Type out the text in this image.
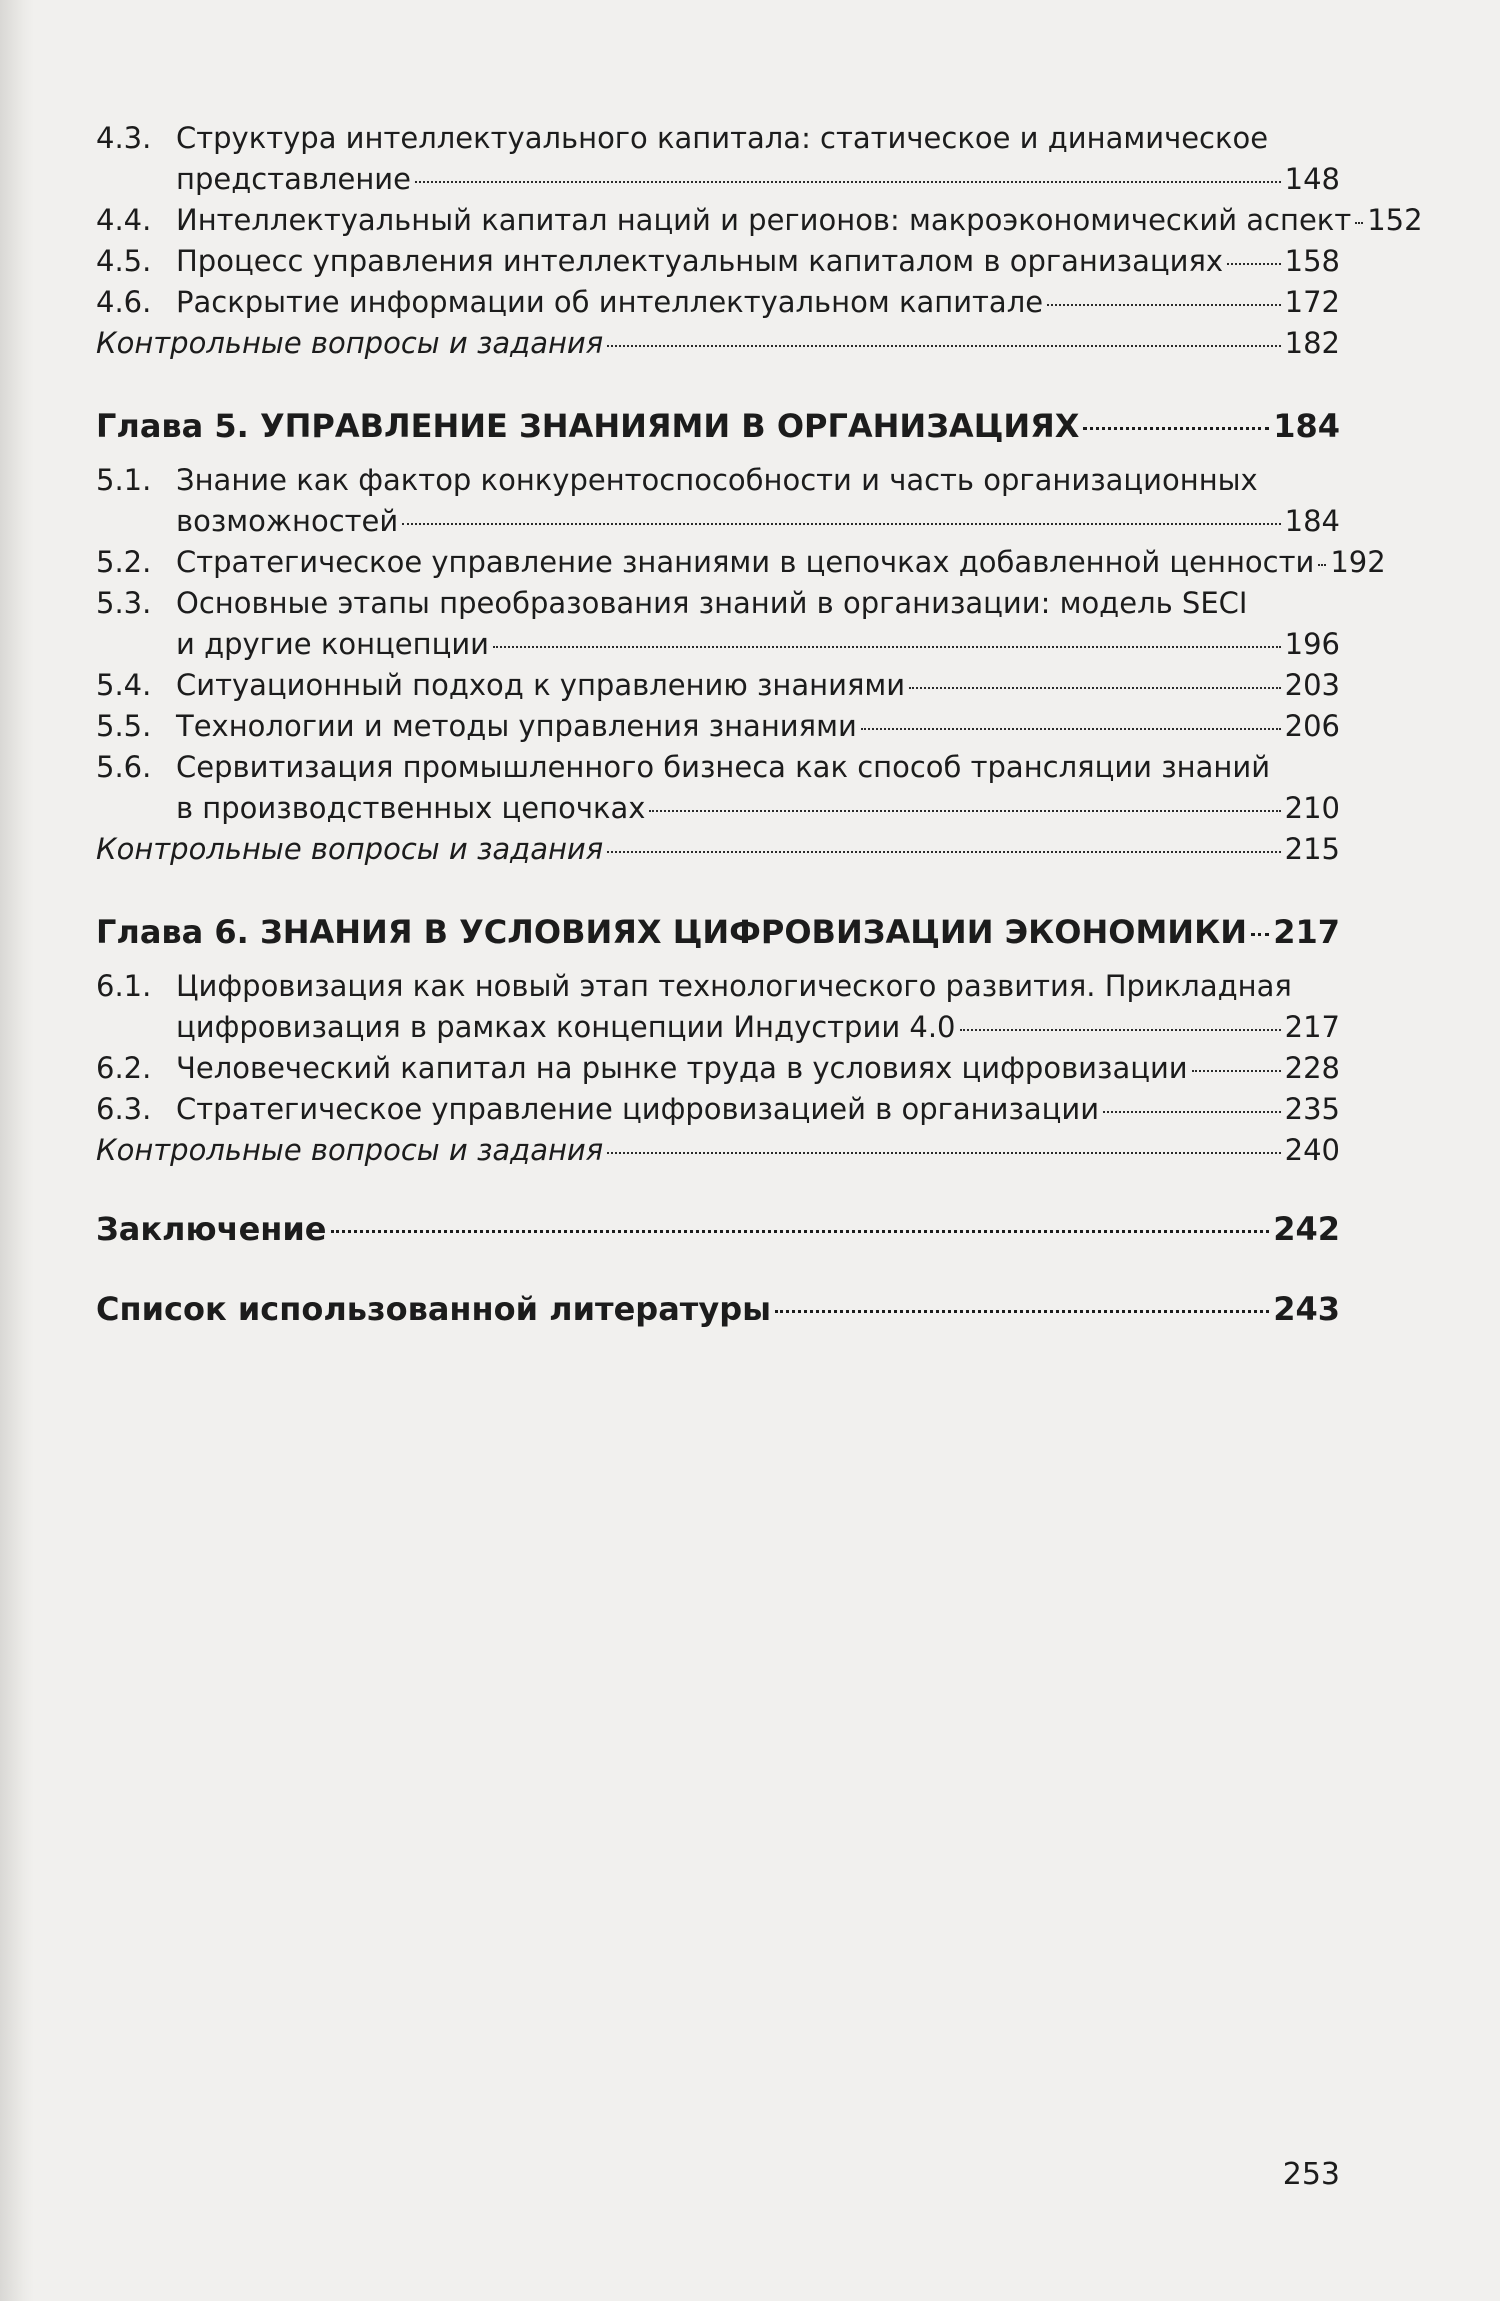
4.3. Структура интеллектуального капитала: статическое и динамическое
представление	148
4.4. Интеллектуальный капитал наций и регионов: макроэкономический аспект 152
4.5. Процесс управления интеллектуальным капиталом в организациях 158
4.6. Раскрытие информации об интеллектуальном капитале	172
Контрольные вопросы и задания	182
Глава 5. УПРАВЛЕНИЕ ЗНАНИЯМИ В ОРГАНИЗАЦИЯХ	184
5.1. Знание как фактор конкурентоспособности и часть организационных
возможностей	184
5.2. Стратегическое управление знаниями в цепочках добавленной ценности 192
5.3. Основные этапы преобразования знаний в организации: модель SECI
и другие концепции	196
5.4. Ситуационный подход к управлению знаниями	203
5.5. Технологии и методы управления знаниями	206
5.6. Сервитизация промышленного бизнеса как способ трансляции знаний
в производственных цепочках	210
Контрольные вопросы и задания	215
Глава 6. ЗНАНИЯ В УСЛОВИЯХ ЦИФРОВИЗАЦИИ ЭКОНОМИКИ 217
6.1. Цифровизация как новый этап технологического развития. Прикладная
цифровизация в рамках концепции Индустрии 4.0	217
6.2. Человеческий капитал на рынке труда в условиях цифровизации	228
6.3. Стратегическое управление цифровизацией в организации	235
Контрольные вопросы и задания	240
Заключение	242
Список использованной литературы	243
253
